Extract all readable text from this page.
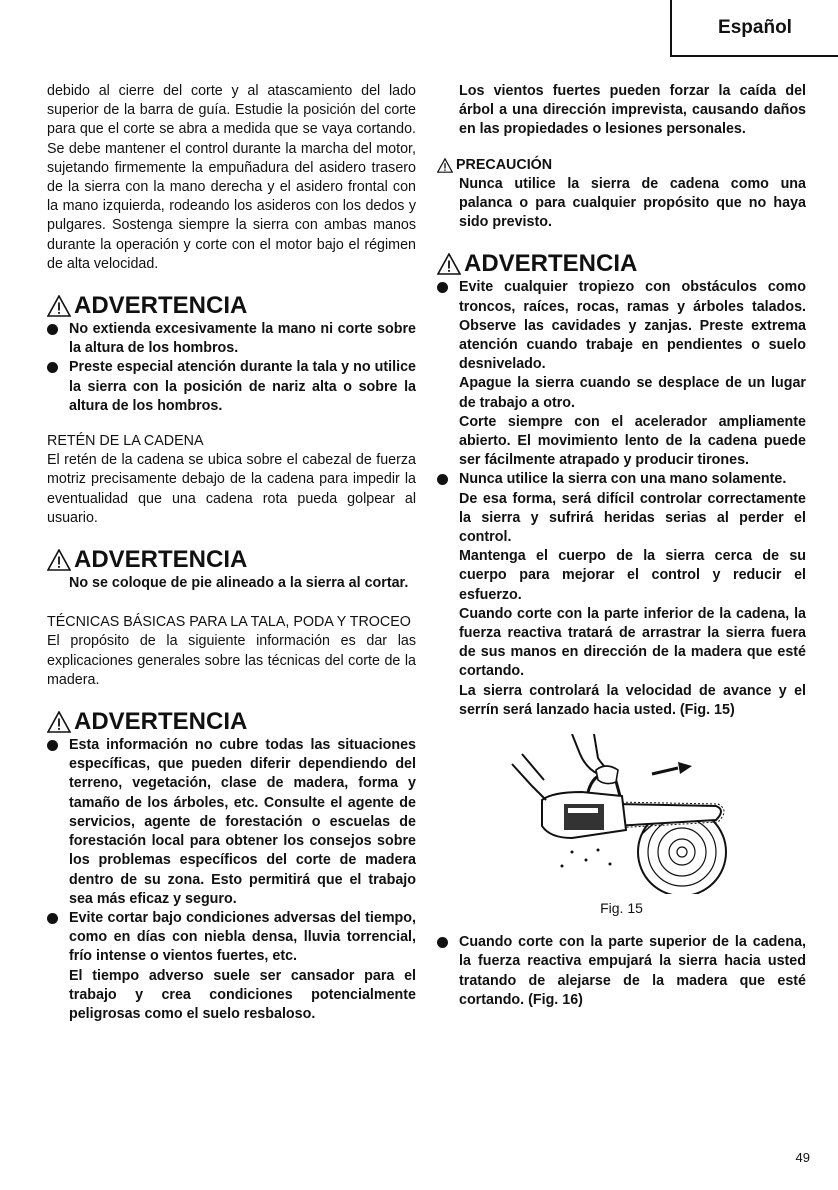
Español

debido al cierre del corte y al atascamiento del lado superior de la barra de guía. Estudie la posición del corte para que el corte se abra a medida que se vaya cortando. Se debe mantener el control durante la marcha del motor, sujetando firmemente la empuñadura del asidero trasero de la sierra con la mano derecha y el asidero frontal con la mano izquierda, rodeando los asideros con los dedos y pulgares. Sostenga siempre la sierra con ambas manos durante la operación y corte con el motor bajo el régimen de alta velocidad.

ADVERTENCIA
No extienda excesivamente la mano ni corte sobre la altura de los hombros.
Preste especial atención durante la tala y no utilice la sierra con la posición de nariz alta o sobre la altura de los hombros.

RETÉN DE LA CADENA

El retén de la cadena se ubica sobre el cabezal de fuerza motriz precisamente debajo de la cadena para impedir la eventualidad que una cadena rota pueda golpear al usuario.

ADVERTENCIA

No se coloque de pie alineado a la sierra al cortar.

TÉCNICAS BÁSICAS PARA LA TALA, PODA Y TROCEO

El propósito de la siguiente información es dar las explicaciones generales sobre las técnicas del corte de la madera.

ADVERTENCIA
Esta información no cubre todas las situaciones específicas, que pueden diferir dependiendo del terreno, vegetación, clase de madera, forma y tamaño de los árboles, etc. Consulte el agente de servicios, agente de forestación o escuelas de forestación local para obtener los consejos sobre los problemas específicos del corte de madera dentro de su zona. Esto permitirá que el trabajo sea más eficaz y seguro.
Evite cortar bajo condiciones adversas del tiempo, como en días con niebla densa, lluvia torrencial, frío intense o vientos fuertes, etc.

El tiempo adverso suele ser cansador para el trabajo y crea condiciones potencialmente peligrosas como el suelo resbaloso.

Los vientos fuertes pueden forzar la caída del árbol a una dirección imprevista, causando daños en las propiedades o lesiones personales.

PRECAUCIÓN

Nunca utilice la sierra de cadena como una palanca o para cualquier propósito que no haya sido previsto.

ADVERTENCIA

Evite cualquier tropiezo con obstáculos como troncos, raíces, rocas, ramas y árboles talados. Observe las cavidades y zanjas. Preste extrema atención cuando trabaje en pendientes o suelo desnivelado.

Apague la sierra cuando se desplace de un lugar de trabajo a otro.

Corte siempre con el acelerador ampliamente abierto. El movimiento lento de la cadena puede ser fácilmente atrapado y producir tirones.

Nunca utilice la sierra con una mano solamente.

De esa forma, será difícil controlar correctamente la sierra y sufrirá heridas serias al perder el control.

Mantenga el cuerpo de la sierra cerca de su cuerpo para mejorar el control y reducir el esfuerzo.

Cuando corte con la parte inferior de la cadena, la fuerza reactiva tratará de arrastrar la sierra fuera de sus manos en dirección de la madera que esté cortando.

La sierra controlará la velocidad de avance y el serrín será lanzado hacia usted. (Fig. 15)

Fig. 15
Cuando corte con la parte superior de la cadena, la fuerza reactiva empujará la sierra hacia usted tratando de alejarse de la madera que esté cortando. (Fig. 16)
49
